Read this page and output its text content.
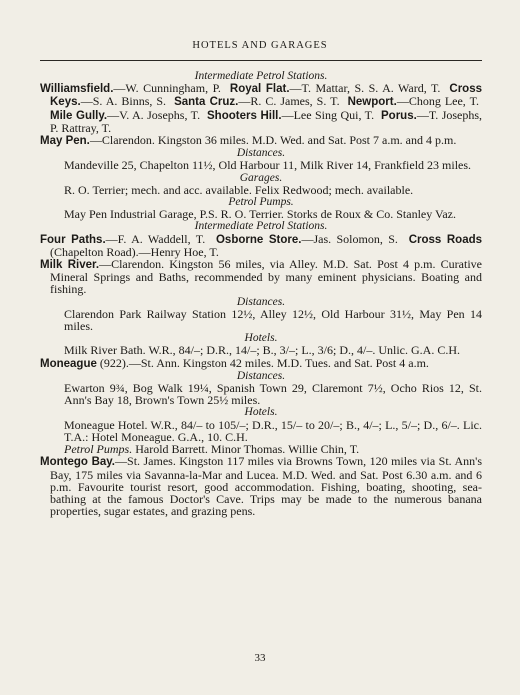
HOTELS AND GARAGES

Intermediate Petrol Stations.

Williamsfield.—W. Cunningham, P. Royal Flat.—T. Mattar, S. S. A. Ward, T. Cross Keys.—S. A. Binns, S. Santa Cruz.—R. C. James, S. T. Newport.—Chong Lee, T.  Mile Gully.—V. A. Josephs, T. Shooters Hill.—Lee Sing Qui, T. Porus.—T. Josephs, P. Rattray, T.

May Pen.—Clarendon. Kingston 36 miles. M.D. Wed. and Sat. Post 7 a.m. and 4 p.m.

Distances.

Mandeville 25, Chapelton 11½, Old Harbour 11, Milk River 14, Frankfield 23 miles.

Garages.

R. O. Terrier; mech. and acc. available. Felix Redwood; mech. available.

Petrol Pumps.

May Pen Industrial Garage, P.S. R. O. Terrier. Storks de Roux & Co. Stanley Vaz.

Intermediate Petrol Stations.

Four Paths.—F. A. Waddell, T. Osborne Store.—Jas. Solomon, S. Cross Roads (Chapelton Road).—Henry Hoe, T.

Milk River.—Clarendon. Kingston 56 miles, via Alley. M.D. Sat. Post 4 p.m. Curative Mineral Springs and Baths, recommended by many eminent physicians. Boating and fishing.

Distances.

Clarendon Park Railway Station 12½, Alley 12½, Old Harbour 31½, May Pen 14 miles.

Hotels.

Milk River Bath. W.R., 84/–; D.R., 14/–; B., 3/–; L., 3/6; D., 4/–. Unlic. G.A. C.H.

Moneague (922).—St. Ann. Kingston 42 miles. M.D. Tues. and Sat. Post 4 a.m.

Distances.

Ewarton 9¾, Bog Walk 19¼, Spanish Town 29, Claremont 7½, Ocho Rios 12, St. Ann's Bay 18, Brown's Town 25½ miles.

Hotels.

Moneague Hotel. W.R., 84/– to 105/–; D.R., 15/– to 20/–; B., 4/–; L., 5/–; D., 6/–. Lic. T.A.: Hotel Moneague. G.A., 10. C.H.

Petrol Pumps. Harold Barrett. Minor Thomas. Willie Chin, T.

Montego Bay.—St. James. Kingston 117 miles via Browns Town, 120 miles via St. Ann's Bay, 175 miles via Savanna-la-Mar and Lucea. M.D. Wed. and Sat. Post 6.30 a.m. and 6 p.m. Favourite tourist resort, good accommodation. Fishing, boating, shooting, sea-bathing at the famous Doctor's Cave. Trips may be made to the numerous banana properties, sugar estates, and grazing pens.

33
